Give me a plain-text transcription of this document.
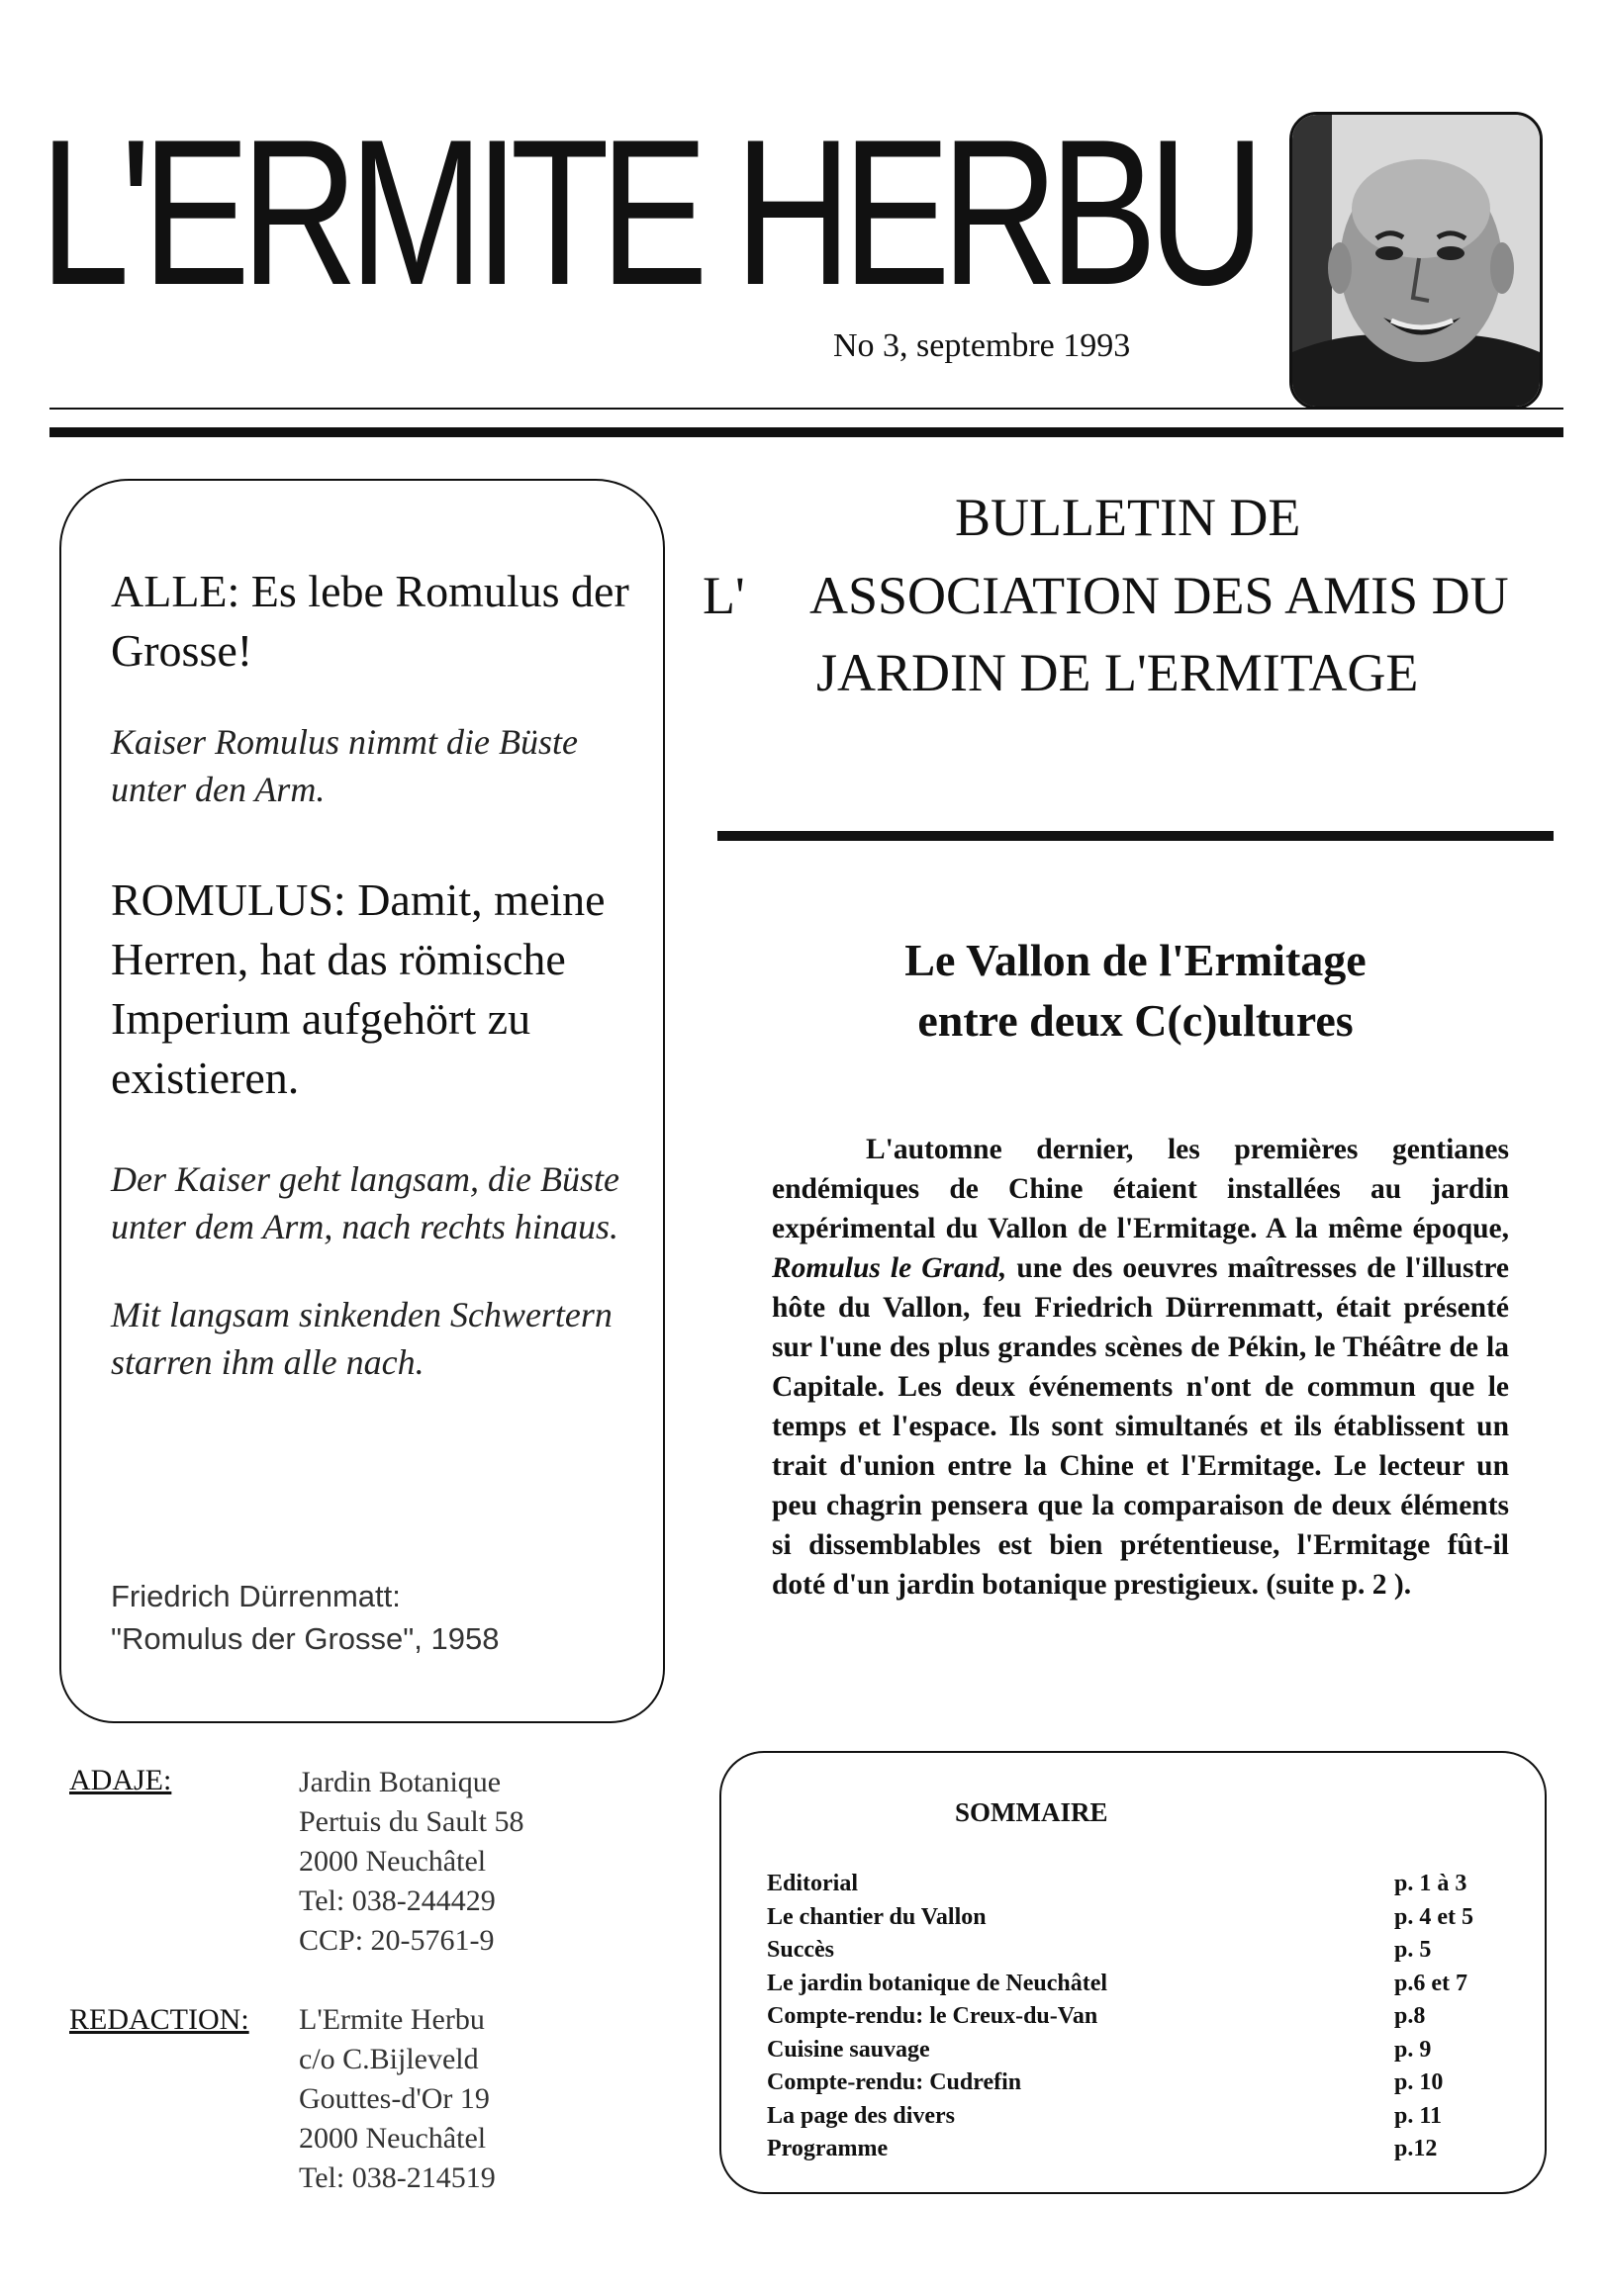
L'ERMITE HERBU
No 3, septembre 1993
ALLE: Es lebe Romulus der Grosse!
Kaiser Romulus nimmt die Büste unter den Arm.
ROMULUS: Damit, meine Herren, hat das römische Imperium aufgehört zu existieren.
Der Kaiser geht langsam, die Büste unter dem Arm, nach rechts hinaus.
Mit langsam sinkenden Schwertern starren ihm alle nach.
Friedrich Dürrenmatt:
"Romulus der Grosse", 1958
BULLETIN DE
L' ASSOCIATION DES AMIS DU
JARDIN DE L'ERMITAGE
Le Vallon de l'Ermitage
entre deux C(c)ultures
L'automne dernier, les premières gentianes endémiques de Chine étaient installées au jardin expérimental du Vallon de l'Ermitage. A la même époque, Romulus le Grand, une des oeuvres maîtresses de l'illustre hôte du Vallon, feu Friedrich Dürrenmatt, était présenté sur l'une des plus grandes scènes de Pékin, le Théâtre de la Capitale. Les deux événements n'ont de commun que le temps et l'espace. Ils sont simultanés et ils établissent un trait d'union entre la Chine et l'Ermitage. Le lecteur un peu chagrin pensera que la comparaison de deux éléments si dissemblables est bien prétentieuse, l'Ermitage fût-il doté d'un jardin botanique prestigieux. (suite p. 2 ).
ADAJE:	Jardin Botanique
Pertuis du Sault 58
2000 Neuchâtel
Tel: 038-244429
CCP: 20-5761-9
REDACTION: L'Ermite Herbu
c/o C.Bijleveld
Gouttes-d'Or 19
2000 Neuchâtel
Tel: 038-214519
SOMMAIRE
Editorial	p. 1 à 3
Le chantier du Vallon	p. 4 et 5
Succès	p. 5
Le jardin botanique de Neuchâtel	p.6 et 7
Compte-rendu: le Creux-du-Van	p.8
Cuisine sauvage	p. 9
Compte-rendu: Cudrefin	p. 10
La page des divers	p. 11
Programme	p.12
